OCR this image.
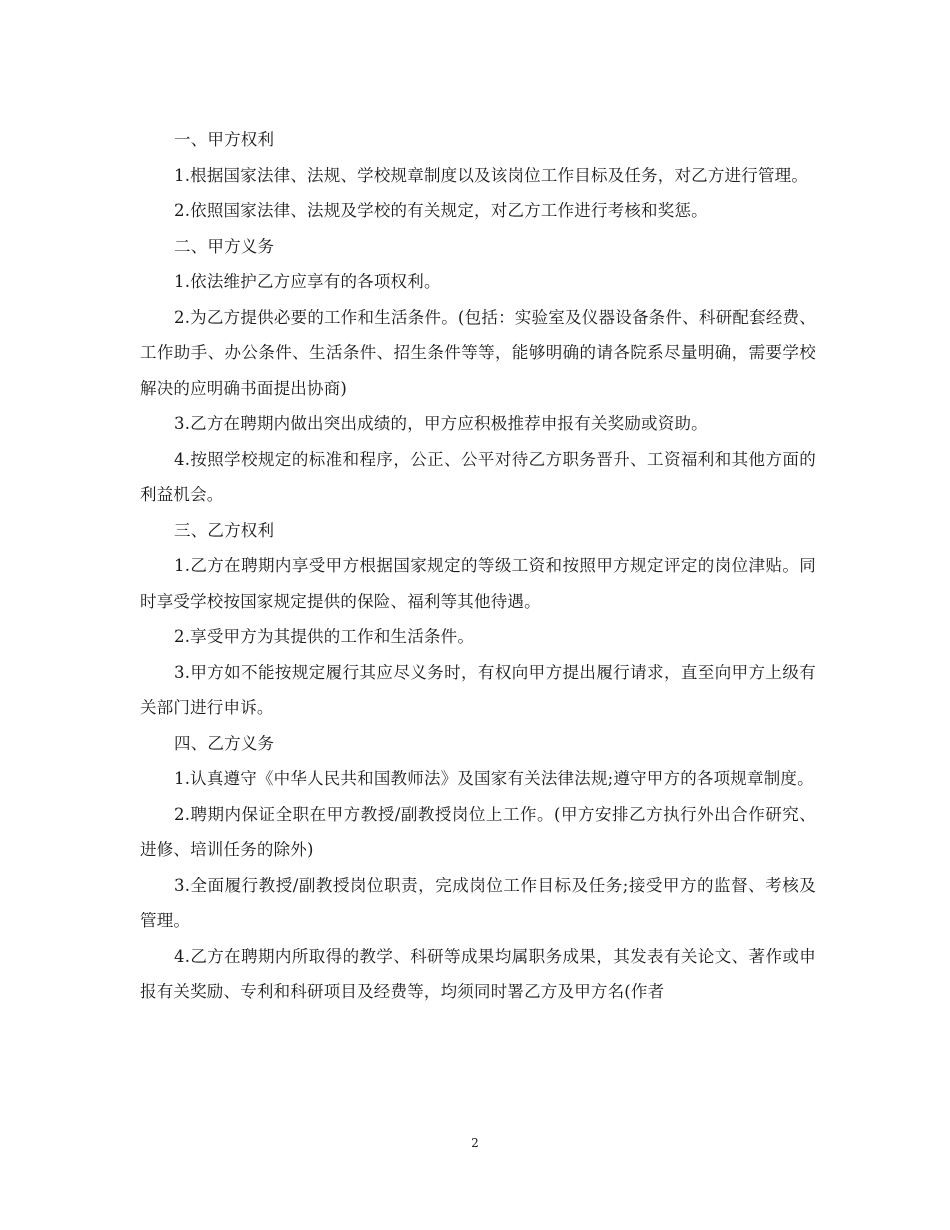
一、甲方权利

1.根据国家法律、法规、学校规章制度以及该岗位工作目标及任务，对乙方进行管理。

2.依照国家法律、法规及学校的有关规定，对乙方工作进行考核和奖惩。

二、甲方义务

1.依法维护乙方应享有的各项权利。

2.为乙方提供必要的工作和生活条件。(包括：实验室及仪器设备条件、科研配套经费、工作助手、办公条件、生活条件、招生条件等等，能够明确的请各院系尽量明确，需要学校解决的应明确书面提出协商)

3.乙方在聘期内做出突出成绩的，甲方应积极推荐申报有关奖励或资助。

4.按照学校规定的标准和程序，公正、公平对待乙方职务晋升、工资福利和其他方面的利益机会。

三、乙方权利

1.乙方在聘期内享受甲方根据国家规定的等级工资和按照甲方规定评定的岗位津贴。同时享受学校按国家规定提供的保险、福利等其他待遇。

2.享受甲方为其提供的工作和生活条件。

3.甲方如不能按规定履行其应尽义务时，有权向甲方提出履行请求，直至向甲方上级有关部门进行申诉。

四、乙方义务

1.认真遵守《中华人民共和国教师法》及国家有关法律法规;遵守甲方的各项规章制度。

2.聘期内保证全职在甲方教授/副教授岗位上工作。(甲方安排乙方执行外出合作研究、进修、培训任务的除外)

3.全面履行教授/副教授岗位职责，完成岗位工作目标及任务;接受甲方的监督、考核及管理。

4.乙方在聘期内所取得的教学、科研等成果均属职务成果，其发表有关论文、著作或申报有关奖励、专利和科研项目及经费等，均须同时署乙方及甲方名(作者

2
